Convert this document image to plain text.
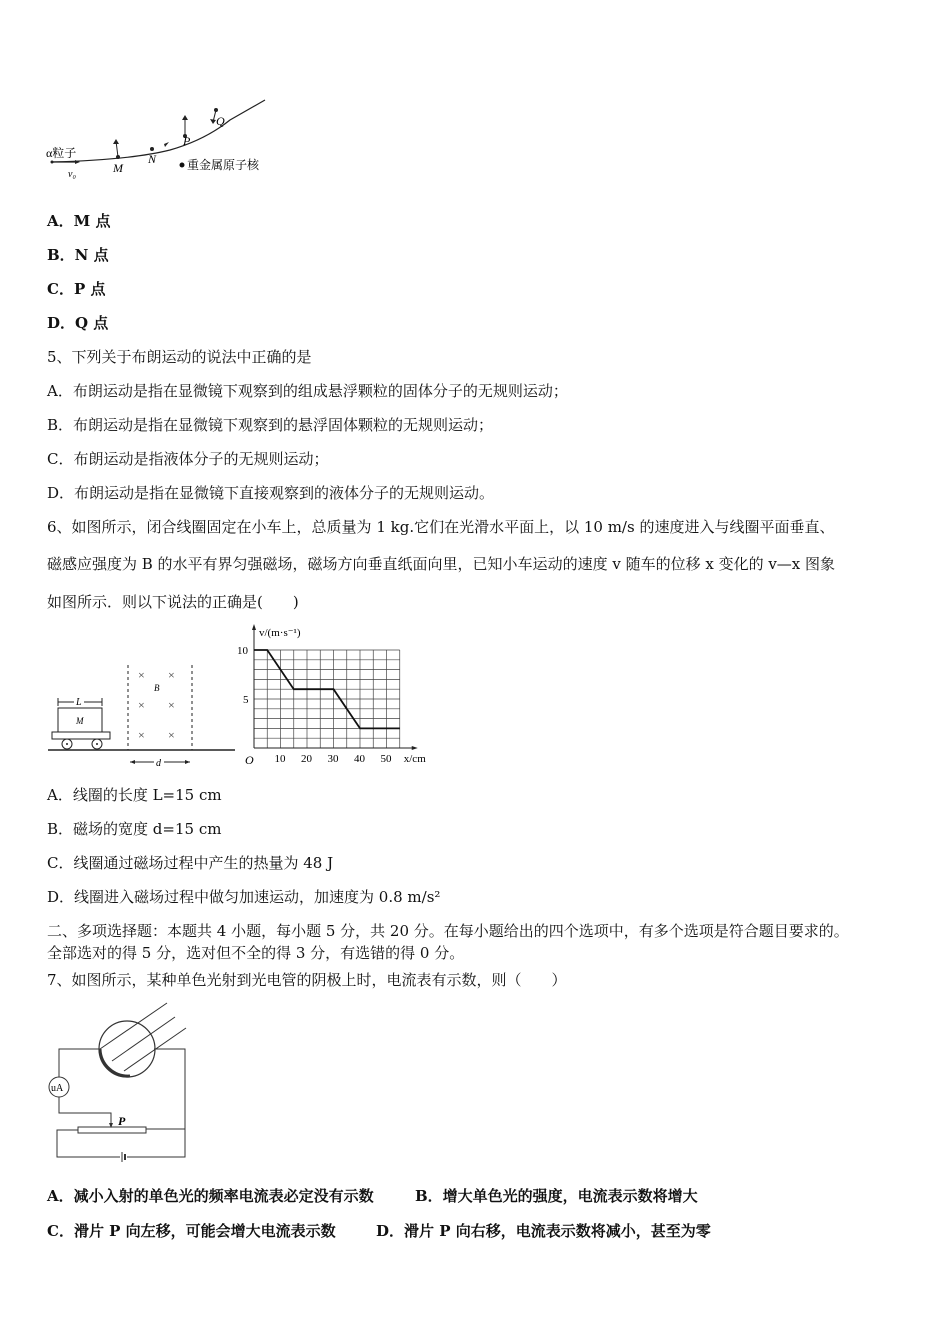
α粒子
v₀	M
N
P
Q
重金属原子核
A．M 点
B．N 点
C．P 点
D．Q 点
5、下列关于布朗运动的说法中正确的是
A．布朗运动是指在显微镜下观察到的组成悬浮颗粒的固体分子的无规则运动；
B．布朗运动是指在显微镜下观察到的悬浮固体颗粒的无规则运动；
C．布朗运动是指液体分子的无规则运动；
D．布朗运动是指在显微镜下直接观察到的液体分子的无规则运动。
6、如图所示，闭合线圈固定在小车上，总质量为 1 kg.它们在光滑水平面上，以 10 m/s 的速度进入与线圈平面垂直、
磁感应强度为 B 的水平有界匀强磁场，磁场方向垂直纸面向里，已知小车运动的速度 v 随车的位移 x 变化的 v—x 图象
如图所示．则以下说法的正确是(　　)
L
M
× ×
× ×
× ×
B
d	10 20 30 40 50
5
10
O	x/cm
v/(m·s⁻¹)
A．线圈的长度 L=15 cm
B．磁场的宽度 d=15 cm
C．线圈通过磁场过程中产生的热量为 48 J
D．线圈进入磁场过程中做匀加速运动，加速度为 0.8 m/s²
二、多项选择题：本题共 4 小题，每小题 5 分，共 20 分。在每小题给出的四个选项中，有多个选项是符合题目要求的。
全部选对的得 5 分，选对但不全的得 3 分，有选错的得 0 分。
7、如图所示，某种单色光射到光电管的阴极上时，电流表有示数，则（　　）
uA
P
A．减小入射的单色光的频率电流表必定没有示数	B．增大单色光的强度，电流表示数将增大
C．滑片 P 向左移，可能会增大电流表示数	D．滑片 P 向右移，电流表示数将减小，甚至为零
